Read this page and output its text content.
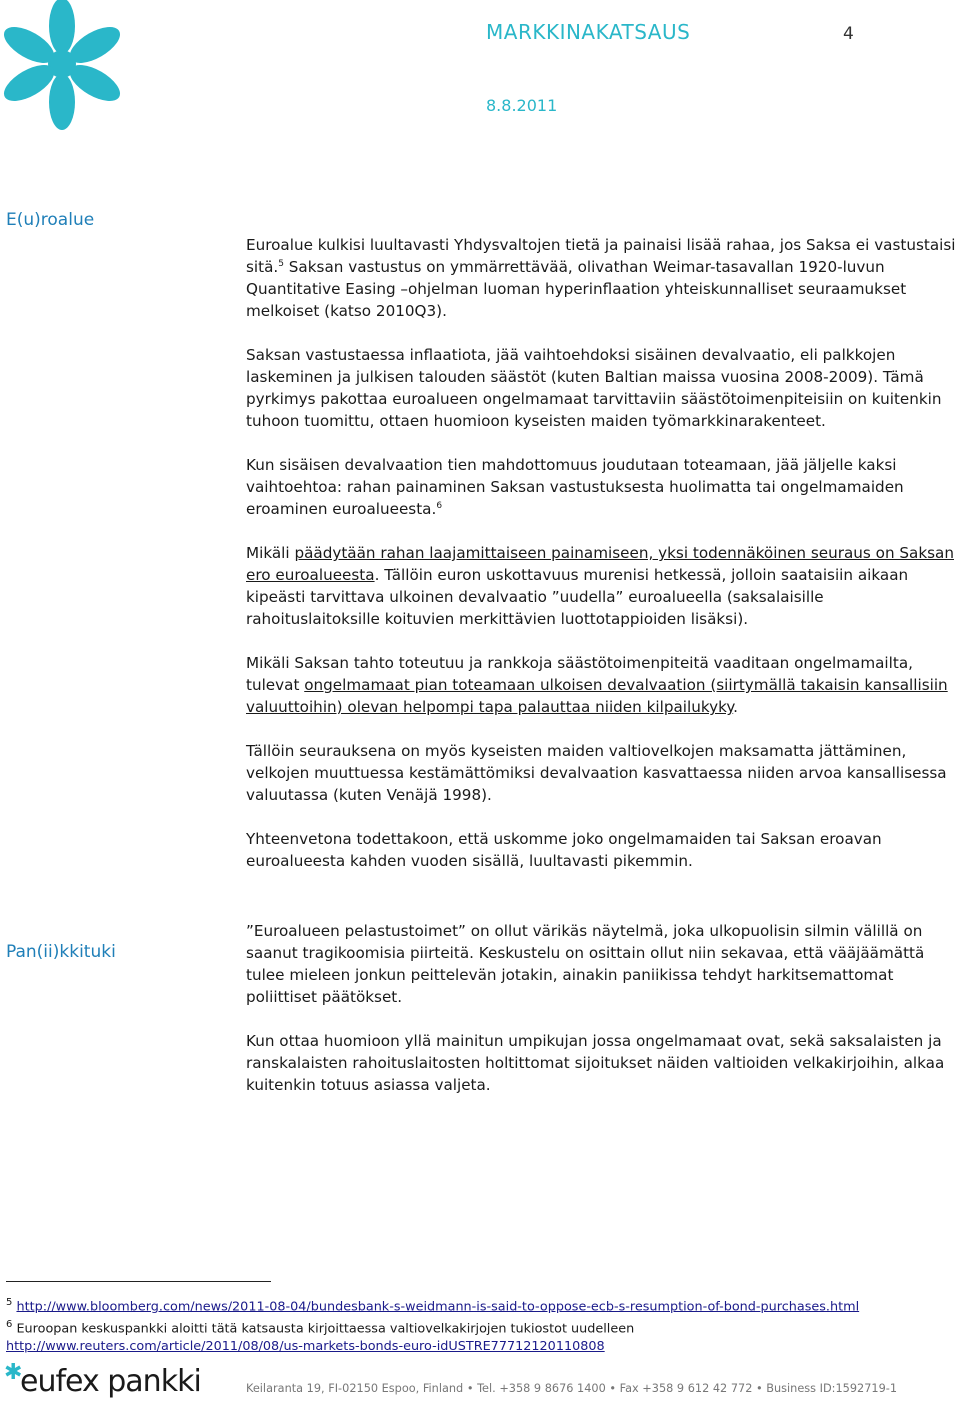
MARKKINAKATSAUS	4
8.8.2011
E(u)roalue
Pan(ii)kkituki

Euroalue kulkisi luultavasti Yhdysvaltojen tietä ja painaisi lisää rahaa, jos Saksa ei vastustaisi sitä.$^5$ Saksan vastustus on ymmärrettävää, olivathan Weimar-tasavallan 1920-luvun Quantitative Easing –ohjelman luoman hyperinflaation yhteiskunnalliset seuraamukset melkoiset (katso 2010Q3).

Saksan vastustaessa inflaatiota, jää vaihtoehdoksi sisäinen devalvaatio, eli palkkojen laskeminen ja julkisen talouden säästöt (kuten Baltian maissa vuosina 2008-2009). Tämä pyrkimys pakottaa euroalueen ongelmamaat tarvittaviin säästötoimenpiteisiin on kuitenkin tuhoon tuomittu, ottaen huomioon kyseisten maiden työmarkkinarakenteet.

Kun sisäisen devalvaation tien mahdottomuus joudutaan toteamaan, jää jäljelle kaksi vaihtoehtoa: rahan painaminen Saksan vastustuksesta huolimatta tai ongelmamaiden eroaminen euroalueesta.$^6$

Mikäli päädytään rahan laajamittaiseen painamiseen, yksi todennäköinen seuraus on Saksan ero euroalueesta. Tällöin euron uskottavuus murenisi hetkessä, jolloin saataisiin aikaan kipeästi tarvittava ulkoinen devalvaatio ”uudella” euroalueella (saksalaisille rahoituslaitoksille koituvien merkittävien luottotappioiden lisäksi).

Mikäli Saksan tahto toteutuu ja rankkoja säästötoimenpiteitä vaaditaan ongelmamailta, tulevat ongelmamaat pian toteamaan ulkoisen devalvaation (siirtymällä takaisin kansallisiin valuuttoihin) olevan helpompi tapa palauttaa niiden kilpailukyky.

Tällöin seurauksena on myös kyseisten maiden valtiovelkojen maksamatta jättäminen, velkojen muuttuessa kestämättömiksi devalvaation kasvattaessa niiden arvoa kansallisessa valuutassa (kuten Venäjä 1998).

Yhteenvetona todettakoon, että uskomme joko ongelmamaiden tai Saksan eroavan euroalueesta kahden vuoden sisällä, luultavasti pikemmin.

”Euroalueen pelastustoimet” on ollut värikäs näytelmä, joka ulkopuolisin silmin välillä on saanut tragikoomisia piirteitä. Keskustelu on osittain ollut niin sekavaa, että vääjäämättä tulee mieleen jonkun peittelevän jotakin, ainakin paniikissa tehdyt harkitsemattomat poliittiset päätökset.

Kun ottaa huomioon yllä mainitun umpikujan jossa ongelmamaat ovat, sekä saksalaisten ja ranskalaisten rahoituslaitosten holtittomat sijoitukset näiden valtioiden velkakirjoihin, alkaa kuitenkin totuus asiassa valjeta.

$^5$ http://www.bloomberg.com/news/2011-08-04/bundesbank-s-weidmann-is-said-to-oppose-ecb-s-resumption-of-bond-purchases.html
$^6$ Euroopan keskuspankki aloitti tätä katsausta kirjoittaessa valtiovelkakirjojen tukiostot uudelleen
http://www.reuters.com/article/2011/08/08/us-markets-bonds-euro-idUSTRE77712120110808
✱
eufex pankki	Keilaranta 19, FI-02150 Espoo, Finland • Tel. +358 9 8676 1400 • Fax +358 9 612 42 772 • Business ID:1592719-1
